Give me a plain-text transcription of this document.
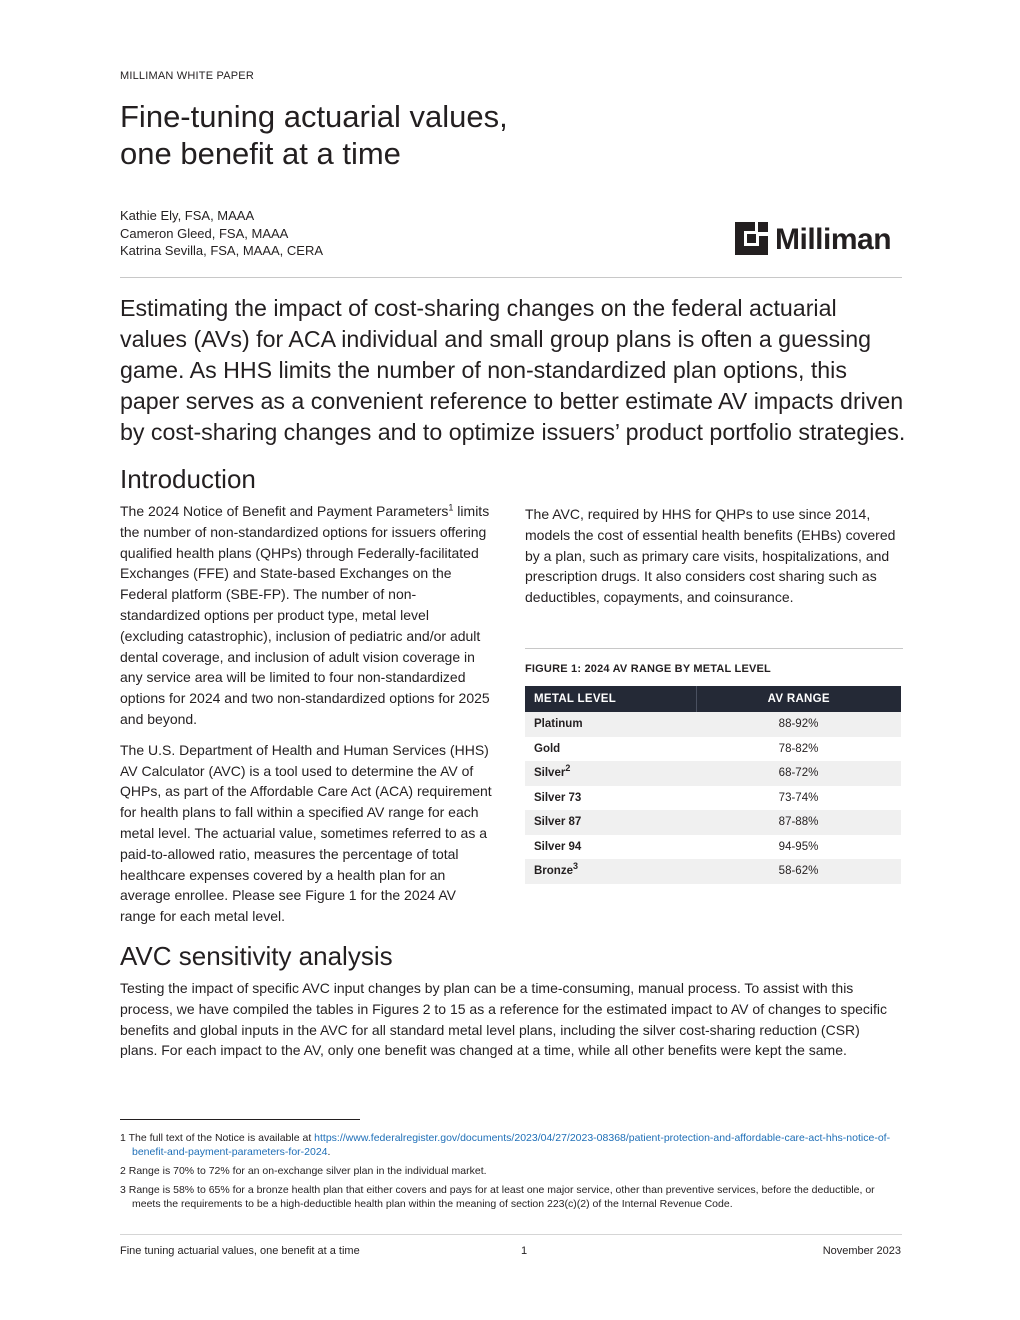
MILLIMAN WHITE PAPER
Fine-tuning actuarial values,
one benefit at a time
Kathie Ely, FSA, MAAA
Cameron Gleed, FSA, MAAA
Katrina Sevilla, FSA, MAAA, CERA	Milliman
Estimating the impact of cost-sharing changes on the federal actuarial values (AVs) for ACA individual and small group plans is often a guessing game. As HHS limits the number of non-standardized plan options, this paper serves as a convenient reference to better estimate AV impacts driven by cost-sharing changes and to optimize issuers’ product portfolio strategies.
Introduction

The 2024 Notice of Benefit and Payment Parameters$^1$ limits the number of non-standardized options for issuers offering qualified health plans (QHPs) through Federally-facilitated Exchanges (FFE) and State-based Exchanges on the Federal platform (SBE-FP). The number of non-standardized options per product type, metal level (excluding catastrophic), inclusion of pediatric and/or adult dental coverage, and inclusion of adult vision coverage in any service area will be limited to four non-standardized options for 2024 and two non-standardized options for 2025 and beyond.

The U.S. Department of Health and Human Services (HHS) AV Calculator (AVC) is a tool used to determine the AV of QHPs, as part of the Affordable Care Act (ACA) requirement for health plans to fall within a specified AV range for each metal level. The actuarial value, sometimes referred to as a paid-to-allowed ratio, measures the percentage of total healthcare expenses covered by a health plan for an average enrollee. Please see Figure 1 for the 2024 AV range for each metal level.

The AVC, required by HHS for QHPs to use since 2014, models the cost of essential health benefits (EHBs) covered by a plan, such as primary care visits, hospitalizations, and prescription drugs. It also considers cost sharing such as deductibles, copayments, and coinsurance.

FIGURE 1: 2024 AV RANGE BY METAL LEVEL
METAL LEVEL	AV RANGE
Platinum	88-92%
Gold	78-82%
Silver$^2$	68-72%
Silver 73	73-74%
Silver 87	87-88%
Silver 94	94-95%
Bronze$^3$	58-62%
AVC sensitivity analysis
Testing the impact of specific AVC input changes by plan can be a time-consuming, manual process. To assist with this process, we have compiled the tables in Figures 2 to 15 as a reference for the estimated impact to AV of changes to specific benefits and global inputs in the AVC for all standard metal level plans, including the silver cost-sharing reduction (CSR) plans. For each impact to the AV, only one benefit was changed at a time, while all other benefits were kept the same.
1 The full text of the Notice is available at https://www.federalregister.gov/documents/2023/04/27/2023-08368/patient-protection-and-affordable-care-act-hhs-notice-of-benefit-and-payment-parameters-for-2024.
2 Range is 70% to 72% for an on-exchange silver plan in the individual market.
3 Range is 58% to 65% for a bronze health plan that either covers and pays for at least one major service, other than preventive services, before the deductible, or meets the requirements to be a high-deductible health plan within the meaning of section 223(c)(2) of the Internal Revenue Code.
Fine tuning actuarial values, one benefit at a time	1	November 2023
